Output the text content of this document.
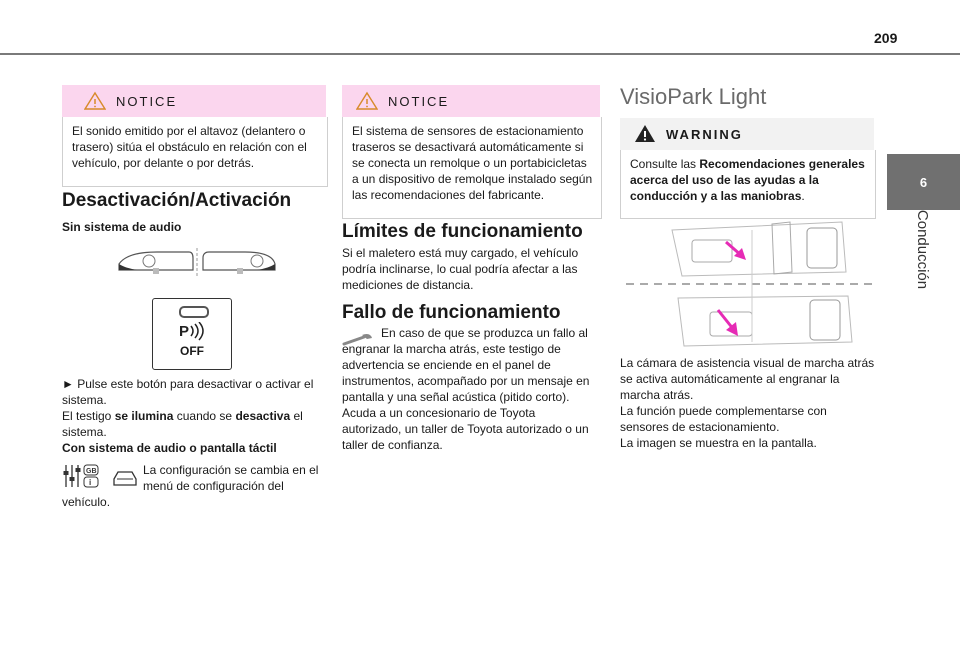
209
6
Conducción
NOTICE
El sonido emitido por el altavoz (delantero o trasero) sitúa el obstáculo en relación con el vehículo, por delante o por detrás.
Desactivación/Activación
Sin sistema de audio
P
OFF
► Pulse este botón para desactivar o activar el sistema.
El testigo se ilumina cuando se desactiva el sistema.
Con sistema de audio o pantalla táctil
GB
i
La configuración se cambia en el
menú de configuración del
vehículo.
NOTICE
El sistema de sensores de estacionamiento traseros se desactivará automáticamente si se conecta un remolque o un portabicicletas a un dispositivo de remolque instalado según las recomendaciones del fabricante.
Límites de funcionamiento
Si el maletero está muy cargado, el vehículo podría inclinarse, lo cual podría afectar a las mediciones de distancia.
Fallo de funcionamiento
En caso de que se produzca un fallo al engranar la marcha atrás, este testigo de advertencia se enciende en el panel de instrumentos, acompañado por un mensaje en pantalla y una señal acústica (pitido corto). Acuda a un concesionario de Toyota autorizado, un taller de Toyota autorizado o un taller de confianza.
VisioPark Light
WARNING
Consulte las Recomendaciones generales acerca del uso de las ayudas a la conducción y a las maniobras.
La cámara de asistencia visual de marcha atrás se activa automáticamente al engranar la marcha atrás.
La función puede complementarse con sensores de estacionamiento.
La imagen se muestra en la pantalla.
